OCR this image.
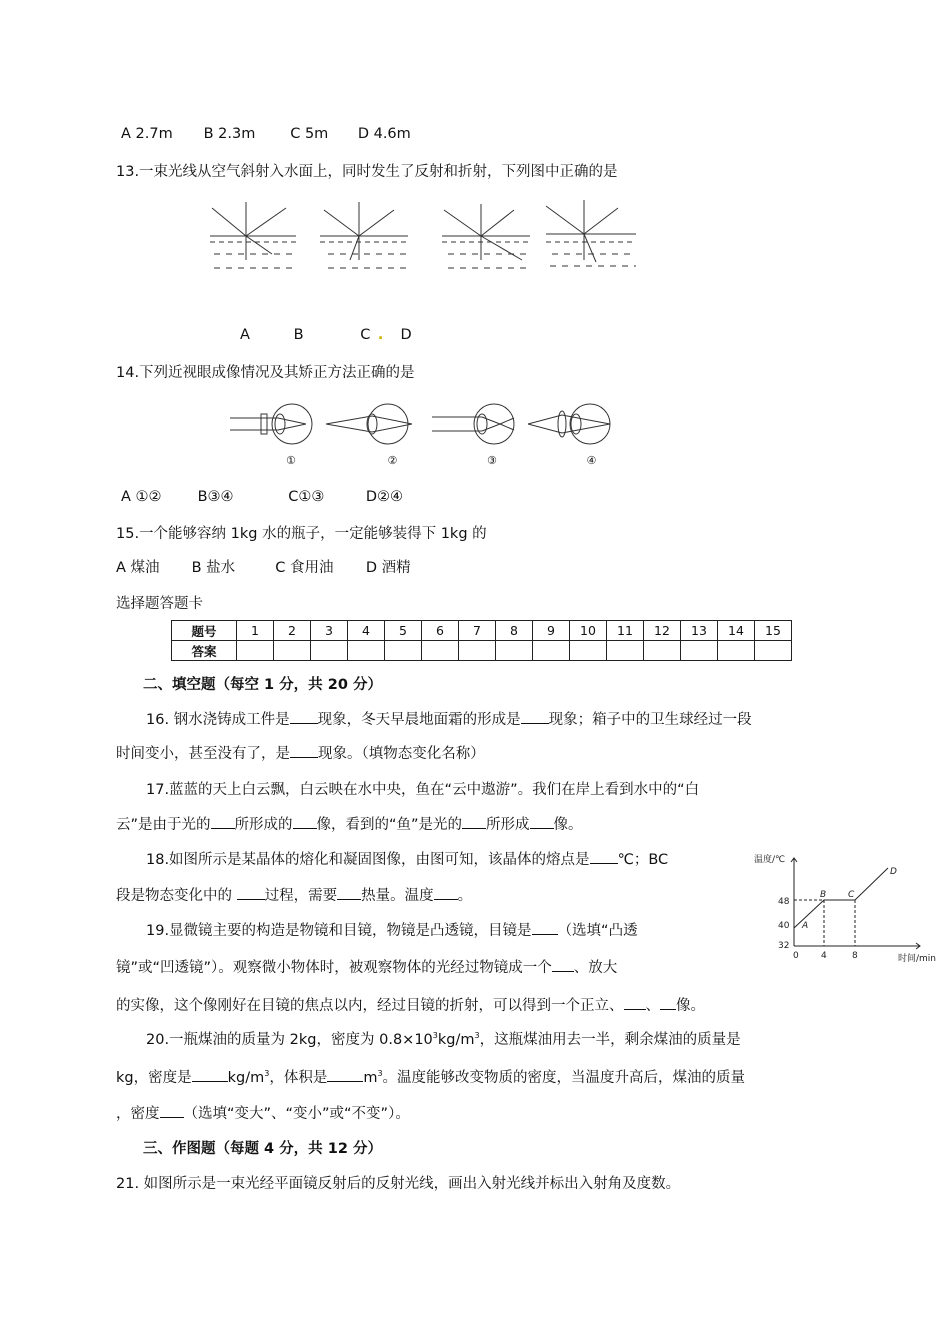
A 2.7m B 2.3m C 5m D 4.6m
13.一束光线从空气斜射入水面上，同时发生了反射和折射，下列图中正确的是
A	B	C . D
14.下列近视眼成像情况及其矫正方法正确的是
①	②	③	④
A ①② B③④	C①③	D②④
15.一个能够容纳 1kg 水的瓶子，一定能够装得下 1kg 的
A 煤油 B 盐水	C 食用油 D 酒精
选择题答题卡
题号	1	2	3	4	5	6	7	8	9	10	11	12	13	14	15
答案															
二、填空题（每空 1 分，共 20 分）
16. 钢水浇铸成工件是 现象，冬天早晨地面霜的形成是 现象；箱子中的卫生球经过一段
时间变小，甚至没有了，是 现象。（填物态变化名称）
17.蓝蓝的天上白云飘，白云映在水中央，鱼在“云中遨游”。我们在岸上看到水中的“白
云”是由于光的 所形成的 像，看到的“鱼”是光的 所形成 像。
18.如图所示是某晶体的熔化和凝固图像，由图可知，该晶体的熔点是 ℃；BC
段是物态变化中的 过程，需要 热量。温度 。
温度/℃
时间/min
48
40
32
0 4	8
A
B C
D
19.显微镜主要的构造是物镜和目镜，物镜是凸透镜，目镜是 （选填“凸透
镜”或“凹透镜”）。观察微小物体时，被观察物体的光经过物镜成一个 、放大
的实像，这个像刚好在目镜的焦点以内，经过目镜的折射，可以得到一个正立、 、 像。
20.一瓶煤油的质量为 2kg，密度为 $0.8\times 10^3kg/m^3$，这瓶煤油用去一半，剩余煤油的质量是
kg，密度是 $kg/m^3$，体积是 $m^3$。温度能够改变物质的密度，当温度升高后，煤油的质量
，密度 （选填“变大”、“变小”或“不变”）。
三、作图题（每题 4 分，共 12 分）
21. 如图所示是一束光经平面镜反射后的反射光线，画出入射光线并标出入射角及度数。
